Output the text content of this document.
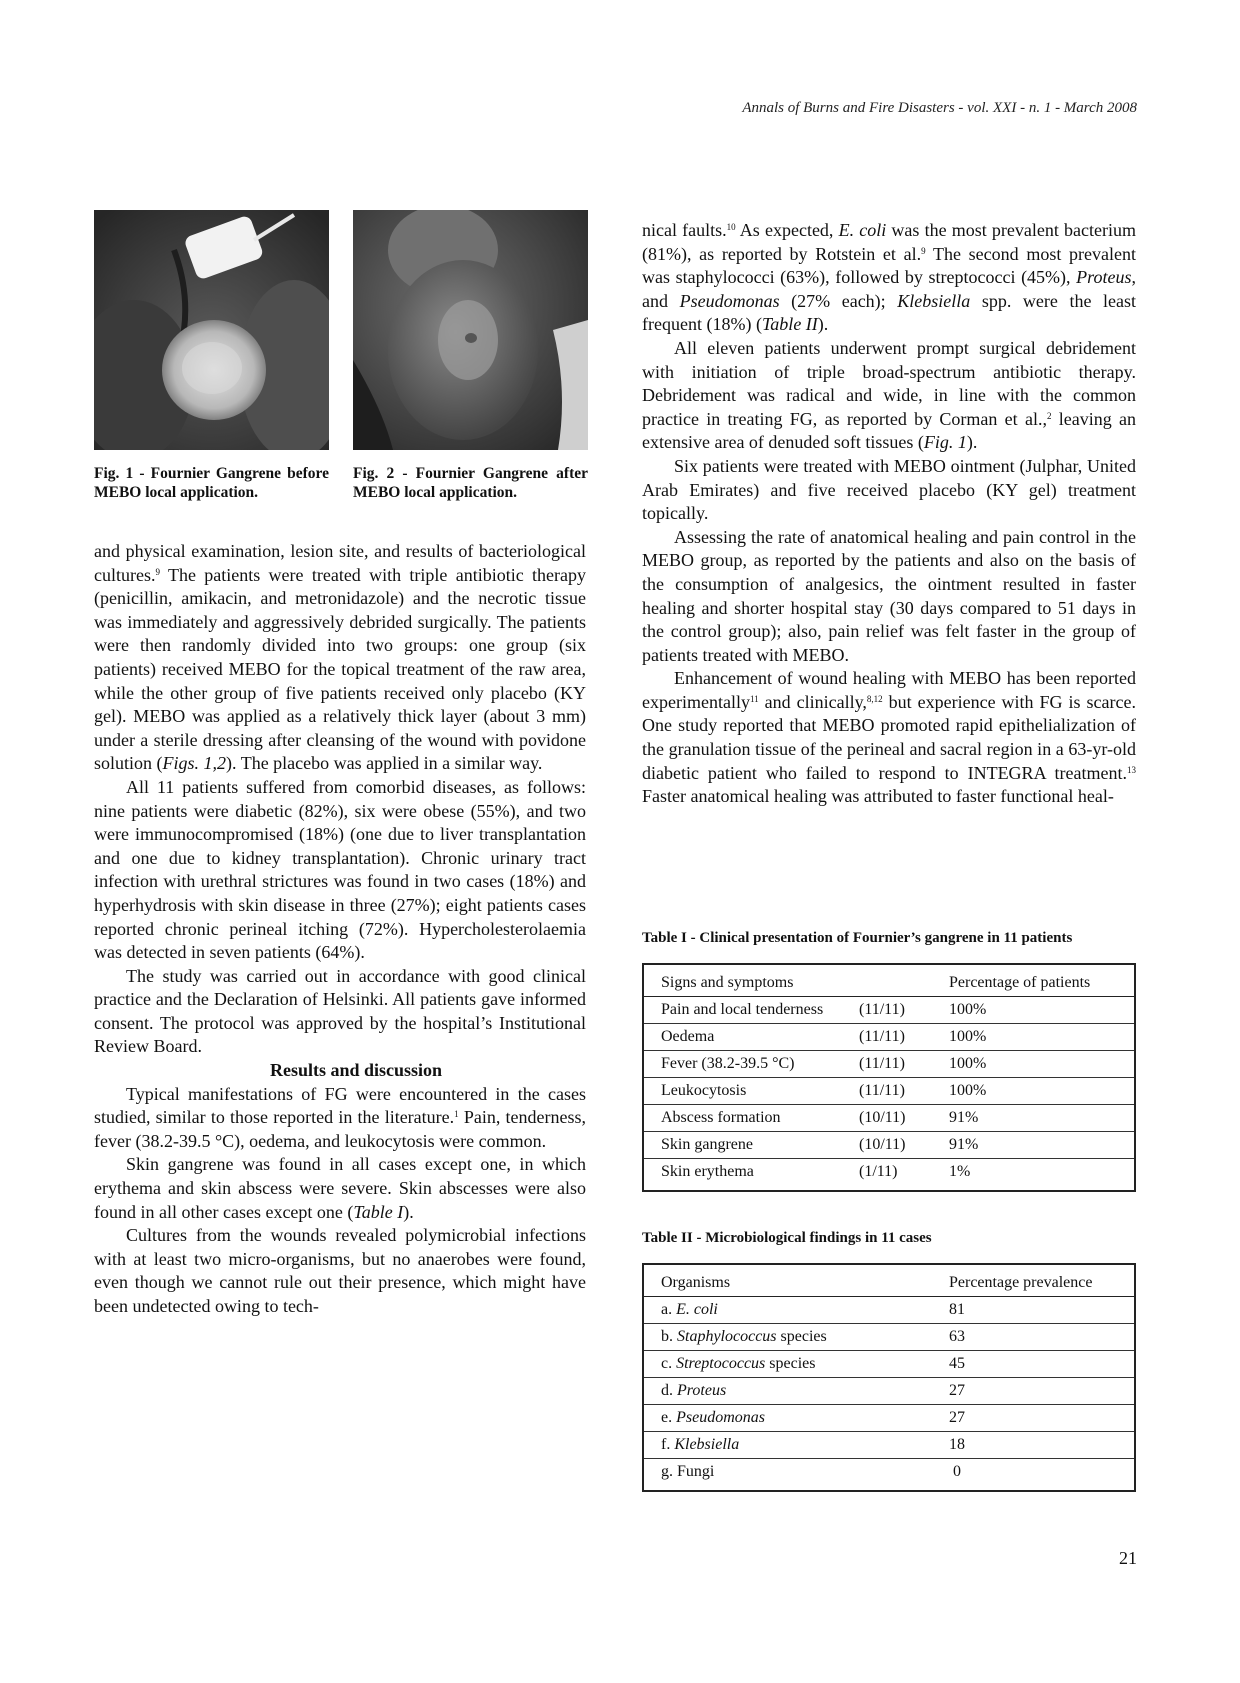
Annals of Burns and Fire Disasters - vol. XXI - n. 1 - March 2008
Fig. 1 - Fournier Gangrene before MEBO local application.
Fig. 2 - Fournier Gangrene after MEBO local application.

and physical examination, lesion site, and results of bacteriological cultures.$^9$ The patients were treated with triple antibiotic therapy (penicillin, amikacin, and metronidazole) and the necrotic tissue was immediately and aggressively debrided surgically. The patients were then randomly divided into two groups: one group (six patients) received MEBO for the topical treatment of the raw area, while the other group of five patients received only placebo (KY gel). MEBO was applied as a relatively thick layer (about 3 mm) under a sterile dressing after cleansing of the wound with povidone solution (Figs. 1,2). The placebo was applied in a similar way.

All 11 patients suffered from comorbid diseases, as follows: nine patients were diabetic (82%), six were obese (55%), and two were immunocompromised (18%) (one due to liver transplantation and one due to kidney transplantation). Chronic urinary tract infection with urethral strictures was found in two cases (18%) and hyperhydrosis with skin disease in three (27%); eight patients cases reported chronic perineal itching (72%). Hypercholesterolaemia was detected in seven patients (64%).

The study was carried out in accordance with good clinical practice and the Declaration of Helsinki. All patients gave informed consent. The protocol was approved by the hospital’s Institutional Review Board.

Results and discussion

Typical manifestations of FG were encountered in the cases studied, similar to those reported in the literature.$^1$ Pain, tenderness, fever (38.2-39.5 °C), oedema, and leukocytosis were common.

Skin gangrene was found in all cases except one, in which erythema and skin abscess were severe. Skin abscesses were also found in all other cases except one (Table I).

Cultures from the wounds revealed polymicrobial infections with at least two micro-organisms, but no anaerobes were found, even though we cannot rule out their presence, which might have been undetected owing to tech-

nical faults.$^{10}$ As expected, E. coli was the most prevalent bacterium (81%), as reported by Rotstein et al.$^9$ The second most prevalent was staphylococci (63%), followed by streptococci (45%), Proteus, and Pseudomonas (27% each); Klebsiella spp. were the least frequent (18%) (Table II).

All eleven patients underwent prompt surgical debridement with initiation of triple broad-spectrum antibiotic therapy. Debridement was radical and wide, in line with the common practice in treating FG, as reported by Corman et al.,$^2$ leaving an extensive area of denuded soft tissues (Fig. 1).

Six patients were treated with MEBO ointment (Julphar, United Arab Emirates) and five received placebo (KY gel) treatment topically.

Assessing the rate of anatomical healing and pain control in the MEBO group, as reported by the patients and also on the basis of the consumption of analgesics, the ointment resulted in faster healing and shorter hospital stay (30 days compared to 51 days in the control group); also, pain relief was felt faster in the group of patients treated with MEBO.

Enhancement of wound healing with MEBO has been reported experimentally$^{11}$ and clinically,$^{8,12}$ but experience with FG is scarce. One study reported that MEBO promoted rapid epithelialization of the granulation tissue of the perineal and sacral region in a 63-yr-old diabetic patient who failed to respond to INTEGRA treatment.$^{13}$ Faster anatomical healing was attributed to faster functional heal-

Table I - Clinical presentation of Fournier’s gangrene in 11 patients
Signs and symptoms		Percentage of patients
Pain and local tenderness	(11/11)	100%
Oedema	(11/11)	100%
Fever (38.2-39.5 °C)	(11/11)	100%
Leukocytosis	(11/11)	100%
Abscess formation	(10/11)	91%
Skin gangrene	(10/11)	91%
Skin erythema	(1/11)	1%
Table II - Microbiological findings in 11 cases
Organisms	Percentage prevalence
a. E. coli	81
b. Staphylococcus species	63
c. Streptococcus species	45
d. Proteus	27
e. Pseudomonas	27
f. Klebsiella	18
g. Fungi	0
21
